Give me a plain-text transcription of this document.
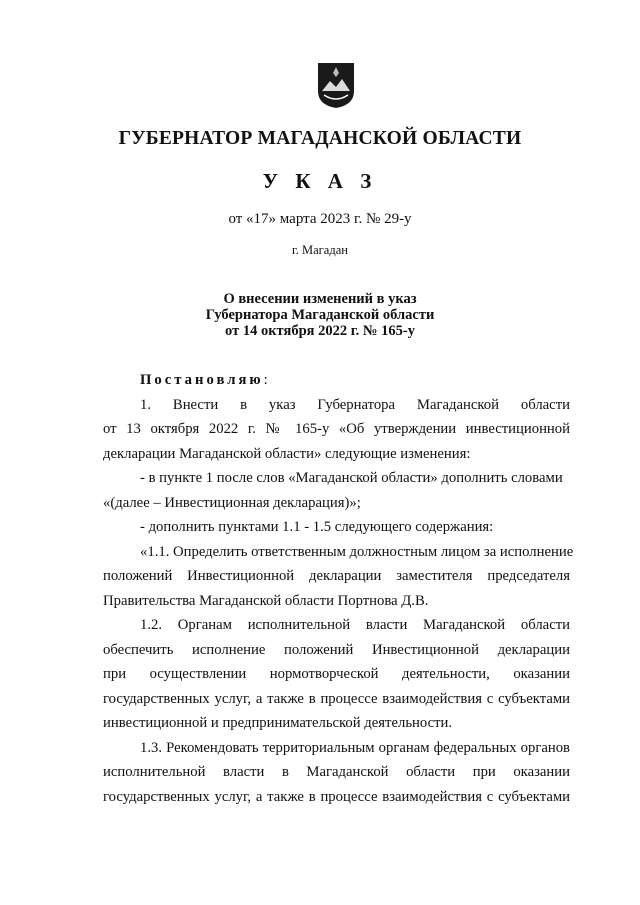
ГУБЕРНАТОР МАГАДАНСКОЙ ОБЛАСТИ
У К А З
от «17» марта 2023 г. № 29-у
г. Магадан
О внесении изменений в указ
Губернатора Магаданской области
от 14 октября 2022 г. № 165-у
Постановляю:
1. Внести в указ Губернатора Магаданской области
от 13 октября 2022 г. № 165-у «Об утверждении инвестиционной
декларации Магаданской области» следующие изменения:
- в пункте 1 после слов «Магаданской области» дополнить словами
«(далее – Инвестиционная декларация)»;
- дополнить пунктами 1.1 - 1.5 следующего содержания:
«1.1. Определить ответственным должностным лицом за исполнение
положений Инвестиционной декларации заместителя председателя
Правительства Магаданской области Портнова Д.В.
1.2. Органам исполнительной власти Магаданской области
обеспечить исполнение положений Инвестиционной декларации
при осуществлении нормотворческой деятельности, оказании
государственных услуг, а также в процессе взаимодействия с субъектами
инвестиционной и предпринимательской деятельности.
1.3. Рекомендовать территориальным органам федеральных органов
исполнительной власти в Магаданской области при оказании
государственных услуг, а также в процессе взаимодействия с субъектами
